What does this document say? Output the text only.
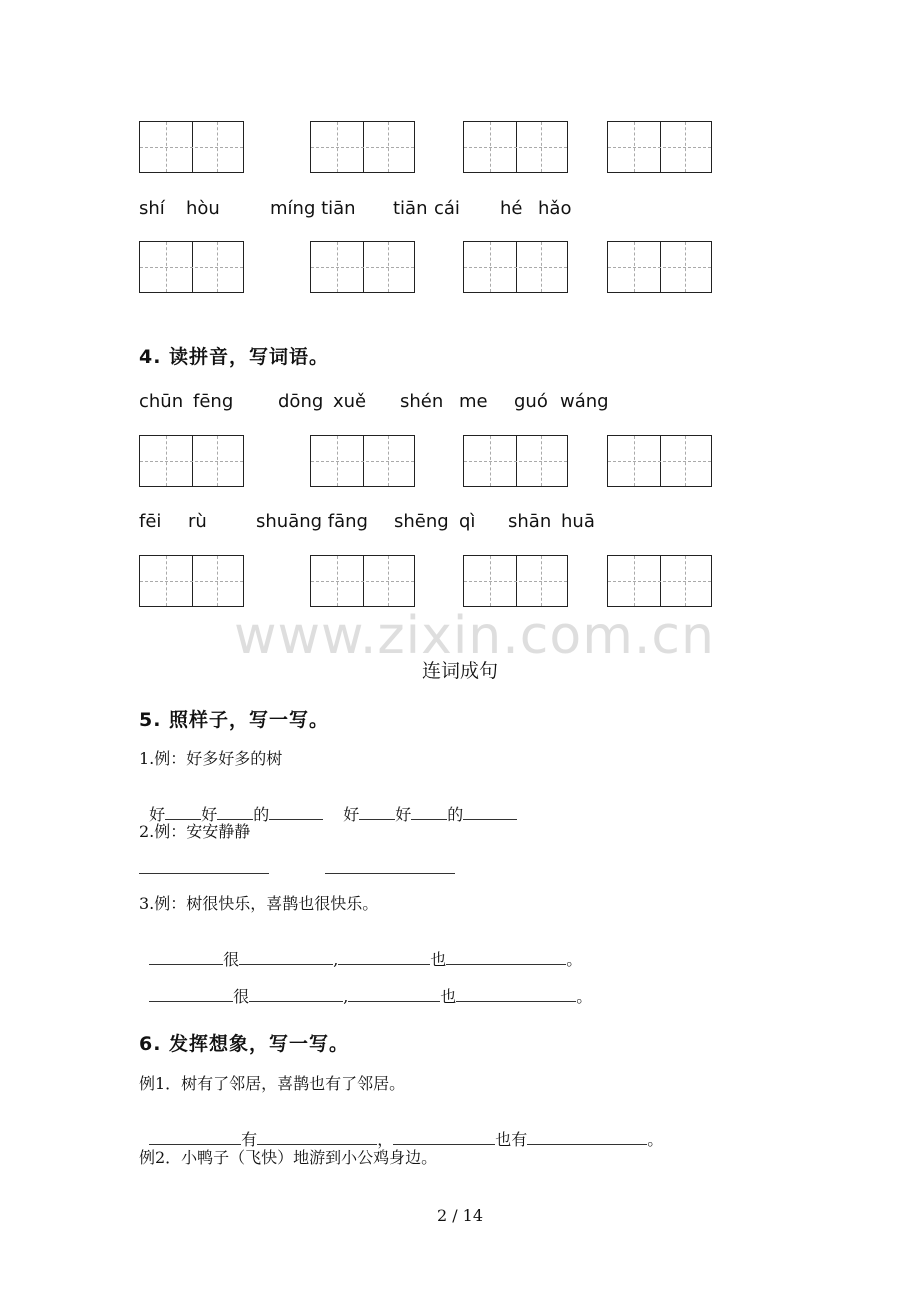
shí hòu	míng tiān tiān cái hé hǎo
4. 读拼音，写词语。
chūn fēng dōng xuě shén me guó wáng
fēi rù	shuāng fāng shēng qì shān huā
www.zixin.com.cn
连词成句
5. 照样子，写一写。
1.例：好多好多的树

好 好 的	好 好 的

2.例：安安静静
3.例：树很快乐，喜鹊也很快乐。

很	,	也	。

很	,	也	。

6. 发挥想象，写一写。
例1．树有了邻居，喜鹊也有了邻居。

有	，	也有	。

例2．小鸭子（飞快）地游到小公鸡身边。
2 / 14
